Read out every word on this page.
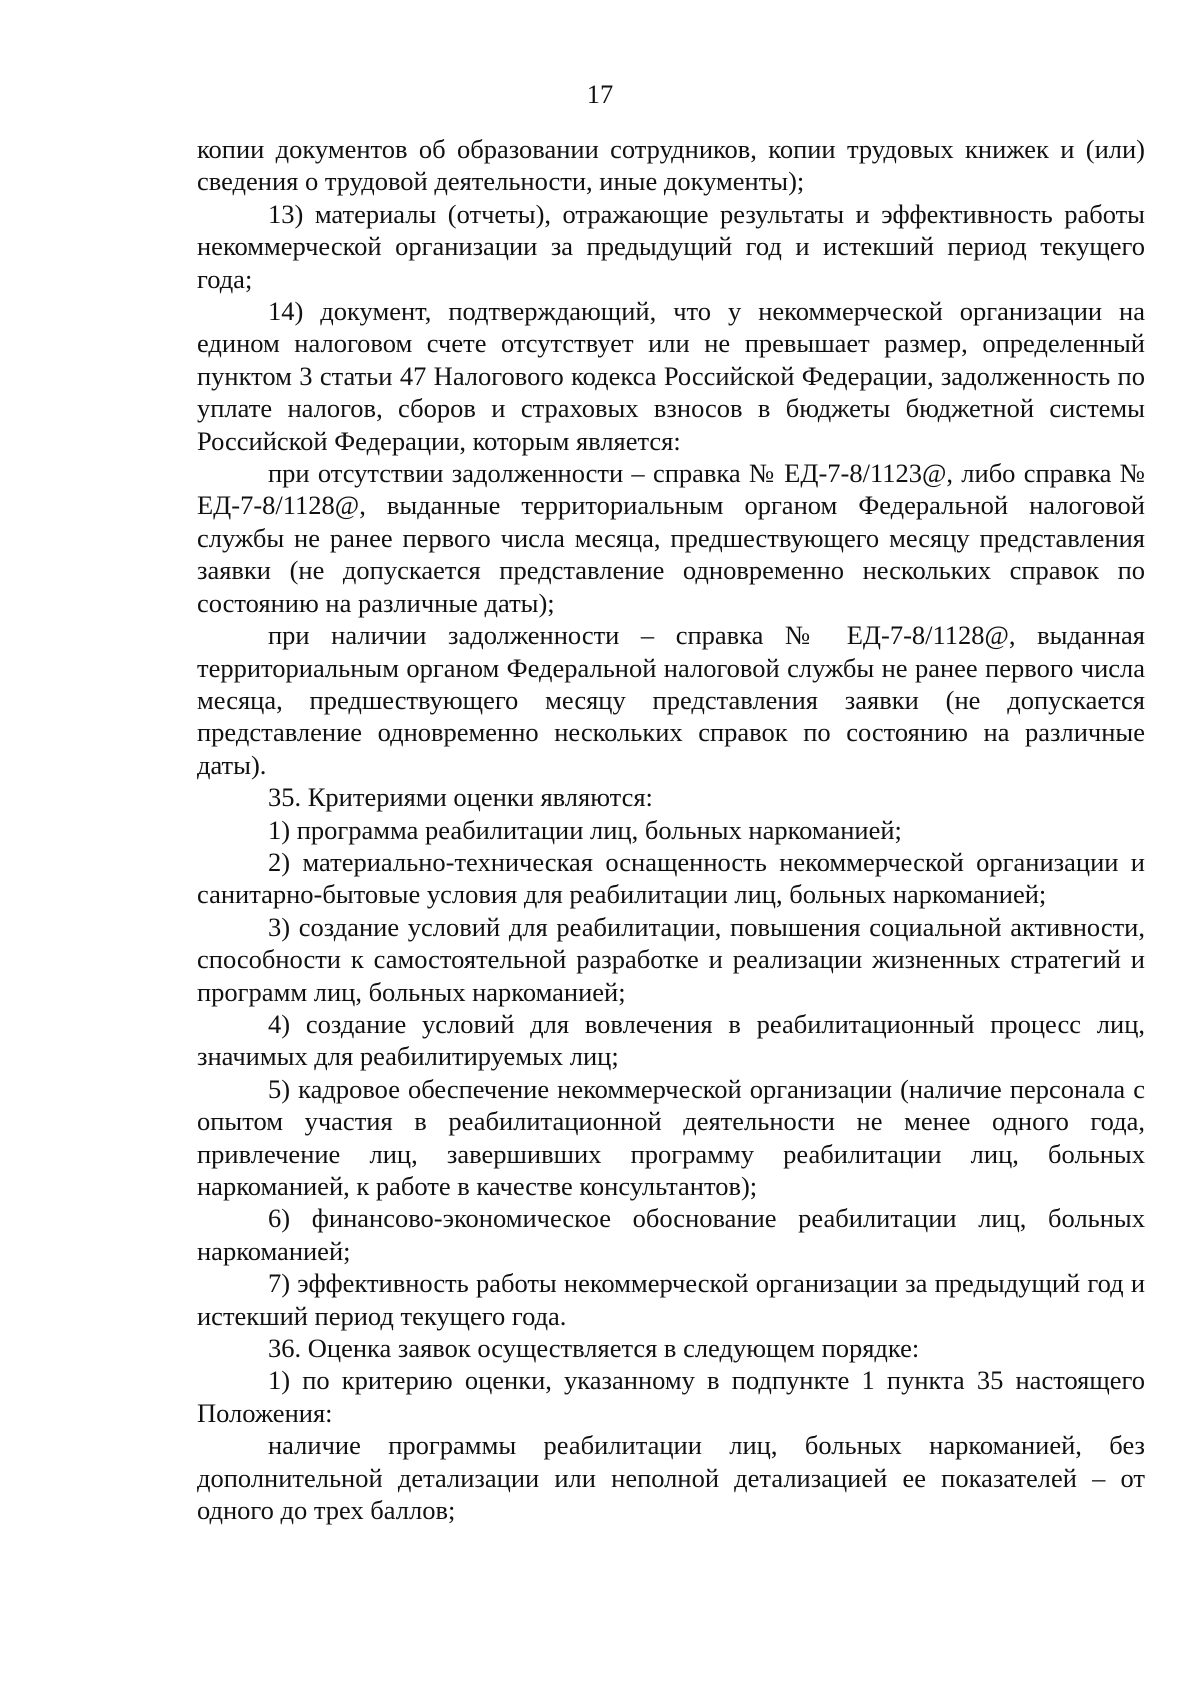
17

копии документов об образовании сотрудников, копии трудовых книжек и (или) сведения о трудовой деятельности, иные документы);

13) материалы (отчеты), отражающие результаты и эффективность работы некоммерческой организации за предыдущий год и истекший период текущего года;

14) документ, подтверждающий, что у некоммерческой организации на едином налоговом счете отсутствует или не превышает размер, определенный пунктом 3 статьи 47 Налогового кодекса Российской Федерации, задолженность по уплате налогов, сборов и страховых взносов в бюджеты бюджетной системы Российской Федерации, которым является:

при отсутствии задолженности – справка № ЕД-7-8/1123@, либо справка № ЕД-7-8/1128@, выданные территориальным органом Федеральной налоговой службы не ранее первого числа месяца, предшествующего месяцу представления заявки (не допускается представление одновременно нескольких справок по состоянию на различные даты);

при наличии задолженности – справка № ЕД-7-8/1128@, выданная территориальным органом Федеральной налоговой службы не ранее первого числа месяца, предшествующего месяцу представления заявки (не допускается представление одновременно нескольких справок по состоянию на различные даты).

35. Критериями оценки являются:

1) программа реабилитации лиц, больных наркоманией;

2) материально-техническая оснащенность некоммерческой организации и санитарно-бытовые условия для реабилитации лиц, больных наркоманией;

3) создание условий для реабилитации, повышения социальной активности, способности к самостоятельной разработке и реализации жизненных стратегий и программ лиц, больных наркоманией;

4) создание условий для вовлечения в реабилитационный процесс лиц, значимых для реабилитируемых лиц;

5) кадровое обеспечение некоммерческой организации (наличие персонала с опытом участия в реабилитационной деятельности не менее одного года, привлечение лиц, завершивших программу реабилитации лиц, больных наркоманией, к работе в качестве консультантов);

6) финансово-экономическое обоснование реабилитации лиц, больных наркоманией;

7) эффективность работы некоммерческой организации за предыдущий год и истекший период текущего года.

36. Оценка заявок осуществляется в следующем порядке:

1) по критерию оценки, указанному в подпункте 1 пункта 35 настоящего Положения:

наличие программы реабилитации лиц, больных наркоманией, без дополнительной детализации или неполной детализацией ее показателей – от одного до трех баллов;
